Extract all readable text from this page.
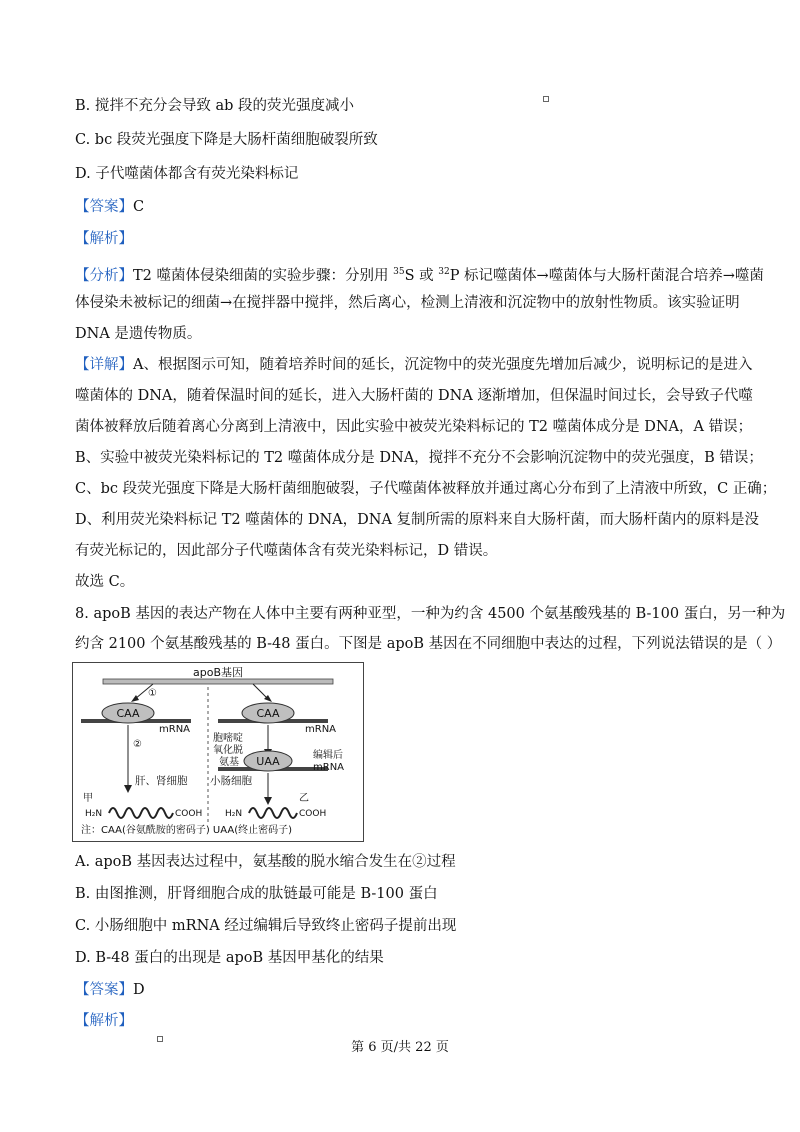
B. 搅拌不充分会导致 ab 段的荧光强度减小
C. bc 段荧光强度下降是大肠杆菌细胞破裂所致
D. 子代噬菌体都含有荧光染料标记
【答案】C
【解析】
【分析】T2 噬菌体侵染细菌的实验步骤：分别用 $^{35}$S 或 $^{32}$P 标记噬菌体→噬菌体与大肠杆菌混合培养→噬菌
体侵染未被标记的细菌→在搅拌器中搅拌，然后离心，检测上清液和沉淀物中的放射性物质。该实验证明
DNA 是遗传物质。
【详解】A、根据图示可知，随着培养时间的延长，沉淀物中的荧光强度先增加后减少，说明标记的是进入
噬菌体的 DNA，随着保温时间的延长，进入大肠杆菌的 DNA 逐渐增加，但保温时间过长，会导致子代噬
菌体被释放后随着离心分离到上清液中，因此实验中被荧光染料标记的 T2 噬菌体成分是 DNA，A 错误；
B、实验中被荧光染料标记的 T2 噬菌体成分是 DNA，搅拌不充分不会影响沉淀物中的荧光强度，B 错误；
C、bc 段荧光强度下降是大肠杆菌细胞破裂，子代噬菌体被释放并通过离心分布到了上清液中所致，C 正确；
D、利用荧光染料标记 T2 噬菌体的 DNA，DNA 复制所需的原料来自大肠杆菌，而大肠杆菌内的原料是没
有荧光标记的，因此部分子代噬菌体含有荧光染料标记，D 错误。
故选 C。
8. apoB 基因的表达产物在人体中主要有两种亚型，一种为约含 4500 个氨基酸残基的 B-100 蛋白，另一种为
约含 2100 个氨基酸残基的 B-48 蛋白。下图是 apoB 基因在不同细胞中表达的过程，下列说法错误的是（ ）
apoB基因
①
CAA
mRNA
CAA
mRNA
②
肝、肾细胞
胞嘧啶
氧化脱
氨基 UAA	编辑后
mRNA
小肠细胞
甲
H₂N	COOH
乙
H₂N	COOH
注：CAA(谷氨酰胺的密码子) UAA(终止密码子)
A. apoB 基因表达过程中，氨基酸的脱水缩合发生在②过程
B. 由图推测，肝肾细胞合成的肽链最可能是 B-100 蛋白
C. 小肠细胞中 mRNA 经过编辑后导致终止密码子提前出现
D. B-48 蛋白的出现是 apoB 基因甲基化的结果
【答案】D
【解析】
第 6 页/共 22 页
